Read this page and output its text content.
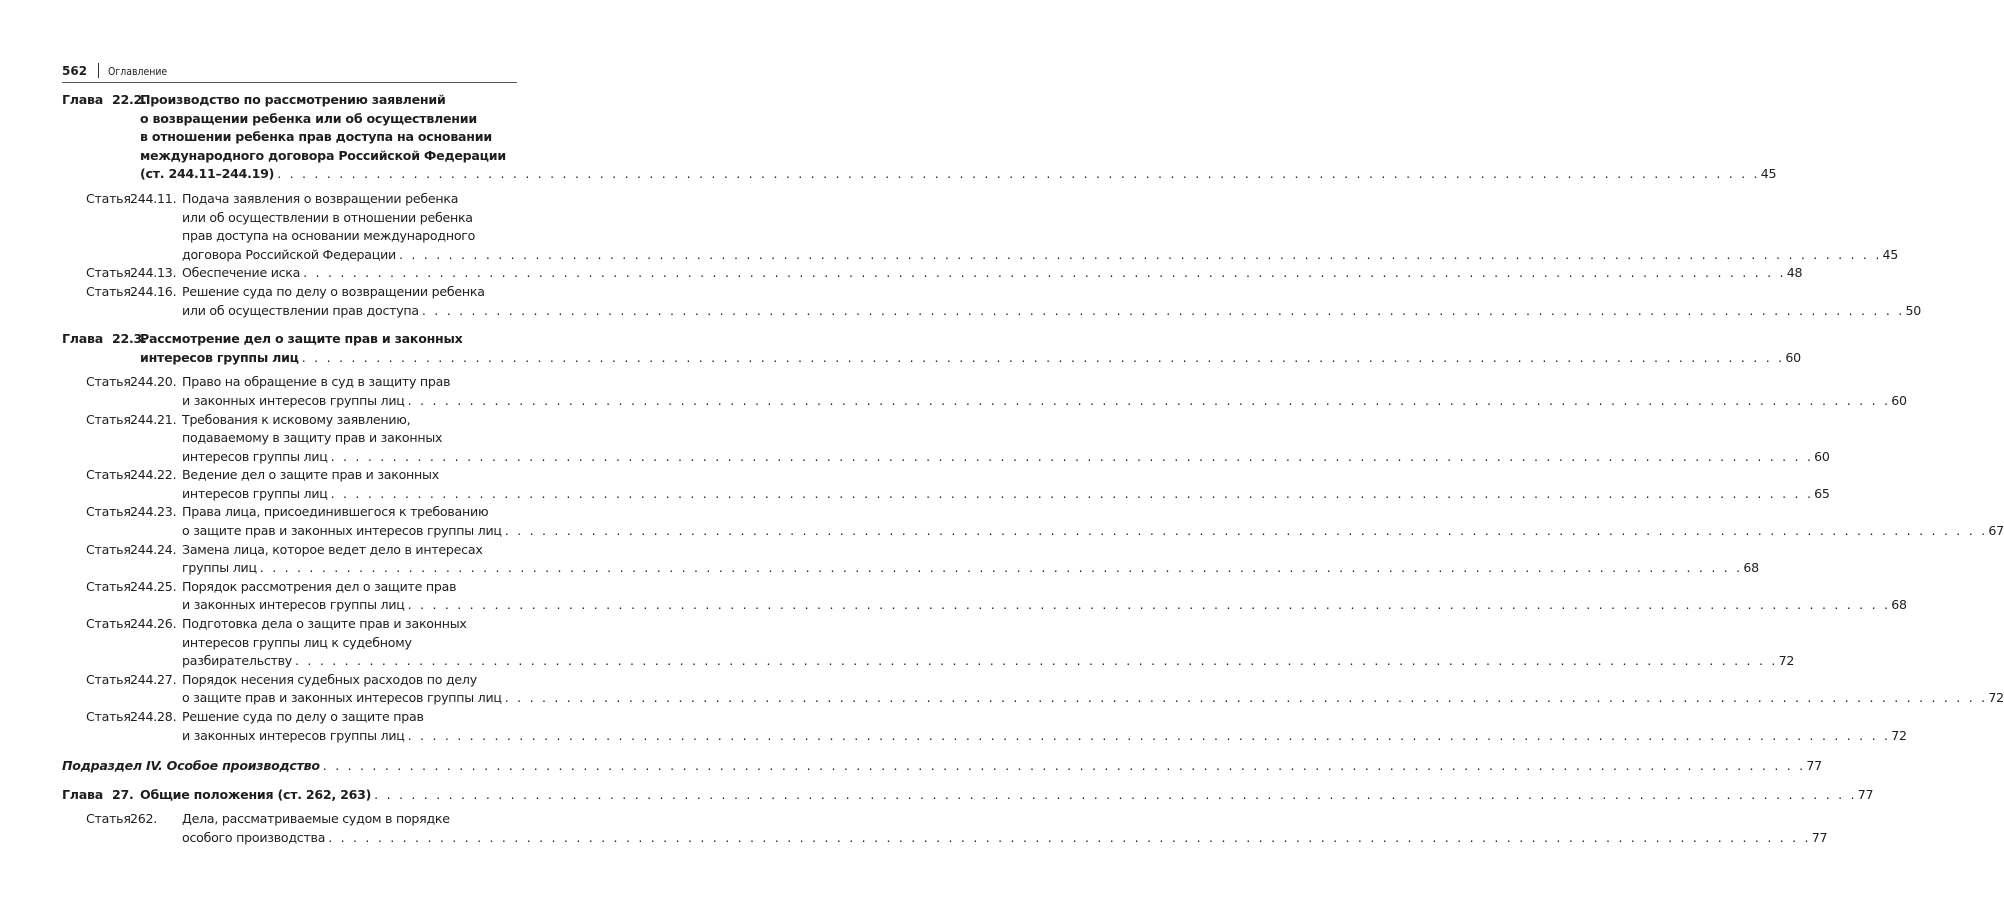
562 Оглавление
Глава 22.2.
Производство по рассмотрению заявлений
о возвращении ребенка или об осуществлении
в отношении ребенка прав доступа на основании
международного договора Российской Федерации
(ст. 244.11–244.19) . . . . . . . . . . . . . . . . . . . . . . . . . . . . . . . . . . . . . . . . . . . . . . . . . . . . . . . . . . . . . . . . . . . . . . . . . . . . . . . . . . . . . . . . . . . . . . . . . . . . . . . . . . . . . . . . . . . . . . . . 45
Статья 244.11. Подача заявления о возвращении ребенка
или об осуществлении в отношении ребенка
прав доступа на основании международного
договора Российской Федерации . . . . . . . . . . . . . . . . . . . . . . . . . . . . . . . . . . . . . . . . . . . . . . . . . . . . . . . . . . . . . . . . . . . . . . . . . . . . . . . . . . . . . . . . . . . . . . . . . . . . . . . . . . . . . . . . . . . . . . . . 45
Статья 244.13. Обеспечение иска . . . . . . . . . . . . . . . . . . . . . . . . . . . . . . . . . . . . . . . . . . . . . . . . . . . . . . . . . . . . . . . . . . . . . . . . . . . . . . . . . . . . . . . . . . . . . . . . . . . . . . . . . . . . . . . . . . . . . . . . 48
Статья 244.16. Решение суда по делу о возвращении ребенка
или об осуществлении прав доступа . . . . . . . . . . . . . . . . . . . . . . . . . . . . . . . . . . . . . . . . . . . . . . . . . . . . . . . . . . . . . . . . . . . . . . . . . . . . . . . . . . . . . . . . . . . . . . . . . . . . . . . . . . . . . . . . . . . . . . . . 50
Глава 22.3.
Рассмотрение дел о защите прав и законных
интересов группы лиц . . . . . . . . . . . . . . . . . . . . . . . . . . . . . . . . . . . . . . . . . . . . . . . . . . . . . . . . . . . . . . . . . . . . . . . . . . . . . . . . . . . . . . . . . . . . . . . . . . . . . . . . . . . . . . . . . . . . . . . . 60
Статья 244.20. Право на обращение в суд в защиту прав
и законных интересов группы лиц . . . . . . . . . . . . . . . . . . . . . . . . . . . . . . . . . . . . . . . . . . . . . . . . . . . . . . . . . . . . . . . . . . . . . . . . . . . . . . . . . . . . . . . . . . . . . . . . . . . . . . . . . . . . . . . . . . . . . . . . 60
Статья 244.21. Требования к исковому заявлению,
подаваемому в защиту прав и законных
интересов группы лиц . . . . . . . . . . . . . . . . . . . . . . . . . . . . . . . . . . . . . . . . . . . . . . . . . . . . . . . . . . . . . . . . . . . . . . . . . . . . . . . . . . . . . . . . . . . . . . . . . . . . . . . . . . . . . . . . . . . . . . . . 60
Статья 244.22. Ведение дел о защите прав и законных
интересов группы лиц . . . . . . . . . . . . . . . . . . . . . . . . . . . . . . . . . . . . . . . . . . . . . . . . . . . . . . . . . . . . . . . . . . . . . . . . . . . . . . . . . . . . . . . . . . . . . . . . . . . . . . . . . . . . . . . . . . . . . . . . 65
Статья 244.23. Права лица, присоединившегося к требованию
о защите прав и законных интересов группы лиц . . . . . . . . . . . . . . . . . . . . . . . . . . . . . . . . . . . . . . . . . . . . . . . . . . . . . . . . . . . . . . . . . . . . . . . . . . . . . . . . . . . . . . . . . . . . . . . . . . . . . . . . . . . . . . . . . . . . . . . . 67
Статья 244.24. Замена лица, которое ведет дело в интересах
группы лиц . . . . . . . . . . . . . . . . . . . . . . . . . . . . . . . . . . . . . . . . . . . . . . . . . . . . . . . . . . . . . . . . . . . . . . . . . . . . . . . . . . . . . . . . . . . . . . . . . . . . . . . . . . . . . . . . . . . . . . . . 68
Статья 244.25. Порядок рассмотрения дел о защите прав
и законных интересов группы лиц . . . . . . . . . . . . . . . . . . . . . . . . . . . . . . . . . . . . . . . . . . . . . . . . . . . . . . . . . . . . . . . . . . . . . . . . . . . . . . . . . . . . . . . . . . . . . . . . . . . . . . . . . . . . . . . . . . . . . . . . 68
Статья 244.26. Подготовка дела о защите прав и законных
интересов группы лиц к судебному
разбирательству . . . . . . . . . . . . . . . . . . . . . . . . . . . . . . . . . . . . . . . . . . . . . . . . . . . . . . . . . . . . . . . . . . . . . . . . . . . . . . . . . . . . . . . . . . . . . . . . . . . . . . . . . . . . . . . . . . . . . . . . 72
Статья 244.27. Порядок несения судебных расходов по делу
о защите прав и законных интересов группы лиц . . . . . . . . . . . . . . . . . . . . . . . . . . . . . . . . . . . . . . . . . . . . . . . . . . . . . . . . . . . . . . . . . . . . . . . . . . . . . . . . . . . . . . . . . . . . . . . . . . . . . . . . . . . . . . . . . . . . . . . . 72
Статья 244.28. Решение суда по делу о защите прав
и законных интересов группы лиц . . . . . . . . . . . . . . . . . . . . . . . . . . . . . . . . . . . . . . . . . . . . . . . . . . . . . . . . . . . . . . . . . . . . . . . . . . . . . . . . . . . . . . . . . . . . . . . . . . . . . . . . . . . . . . . . . . . . . . . . 72
Подраздел IV. Особое производство . . . . . . . . . . . . . . . . . . . . . . . . . . . . . . . . . . . . . . . . . . . . . . . . . . . . . . . . . . . . . . . . . . . . . . . . . . . . . . . . . . . . . . . . . . . . . . . . . . . . . . . . . . . . . . . . . . . . . . . . 77
Глава 27. Общие положения (ст. 262, 263) . . . . . . . . . . . . . . . . . . . . . . . . . . . . . . . . . . . . . . . . . . . . . . . . . . . . . . . . . . . . . . . . . . . . . . . . . . . . . . . . . . . . . . . . . . . . . . . . . . . . . . . . . . . . . . . . . . . . . . . . 77
Статья 262. Дела, рассматриваемые судом в порядке
особого производства . . . . . . . . . . . . . . . . . . . . . . . . . . . . . . . . . . . . . . . . . . . . . . . . . . . . . . . . . . . . . . . . . . . . . . . . . . . . . . . . . . . . . . . . . . . . . . . . . . . . . . . . . . . . . . . . . . . . . . . . 77
